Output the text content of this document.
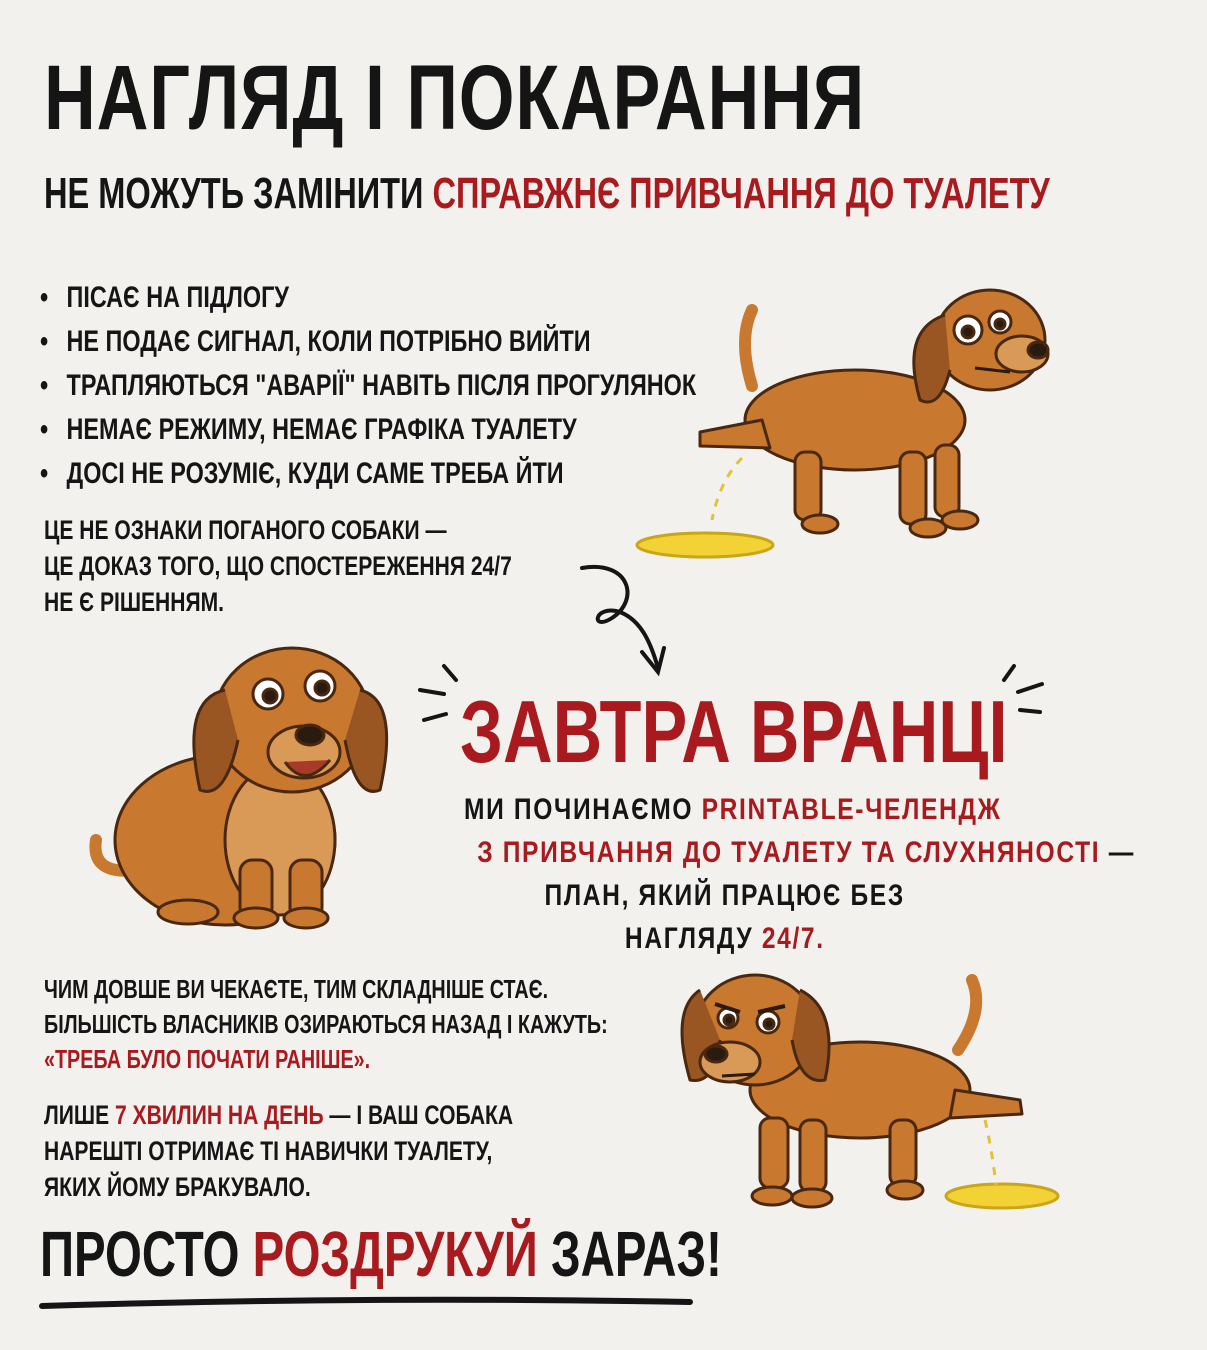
НАГЛЯД І ПОКАРАННЯ
НЕ МОЖУТЬ ЗАМІНИТИ СПРАВЖНЄ ПРИВЧАННЯ ДО ТУАЛЕТУ
• ПІСАЄ НА ПІДЛОГУ
• НЕ ПОДАЄ СИГНАЛ, КОЛИ ПОТРІБНО ВИЙТИ
• ТРАПЛЯЮТЬСЯ "АВАРІЇ" НАВІТЬ ПІСЛЯ ПРОГУЛЯНОК
• НЕМАЄ РЕЖИМУ, НЕМАЄ ГРАФІКА ТУАЛЕТУ
• ДОСІ НЕ РОЗУМІЄ, КУДИ САМЕ ТРЕБА ЙТИ
ЦЕ НЕ ОЗНАКИ ПОГАНОГО СОБАКИ —
ЦЕ ДОКАЗ ТОГО, ЩО СПОСТЕРЕЖЕННЯ 24/7
НЕ Є РІШЕННЯМ.
ЗАВТРА ВРАНЦІ
МИ ПОЧИНАЄМО PRINTABLE-ЧЕЛЕНДЖ
З ПРИВЧАННЯ ДО ТУАЛЕТУ ТА СЛУХНЯНОСТІ —
ПЛАН, ЯКИЙ ПРАЦЮЄ БЕЗ
НАГЛЯДУ 24/7.
ЧИМ ДОВШЕ ВИ ЧЕКАЄТЕ, ТИМ СКЛАДНІШЕ СТАЄ.
БІЛЬШІСТЬ ВЛАСНИКІВ ОЗИРАЮТЬСЯ НАЗАД І КАЖУТЬ:
«ТРЕБА БУЛО ПОЧАТИ РАНІШЕ».
ЛИШЕ 7 ХВИЛИН НА ДЕНЬ — І ВАШ СОБАКА
НАРЕШТІ ОТРИМАЄ ТІ НАВИЧКИ ТУАЛЕТУ,
ЯКИХ ЙОМУ БРАКУВАЛО.
ПРОСТО РОЗДРУКУЙ ЗАРАЗ!
